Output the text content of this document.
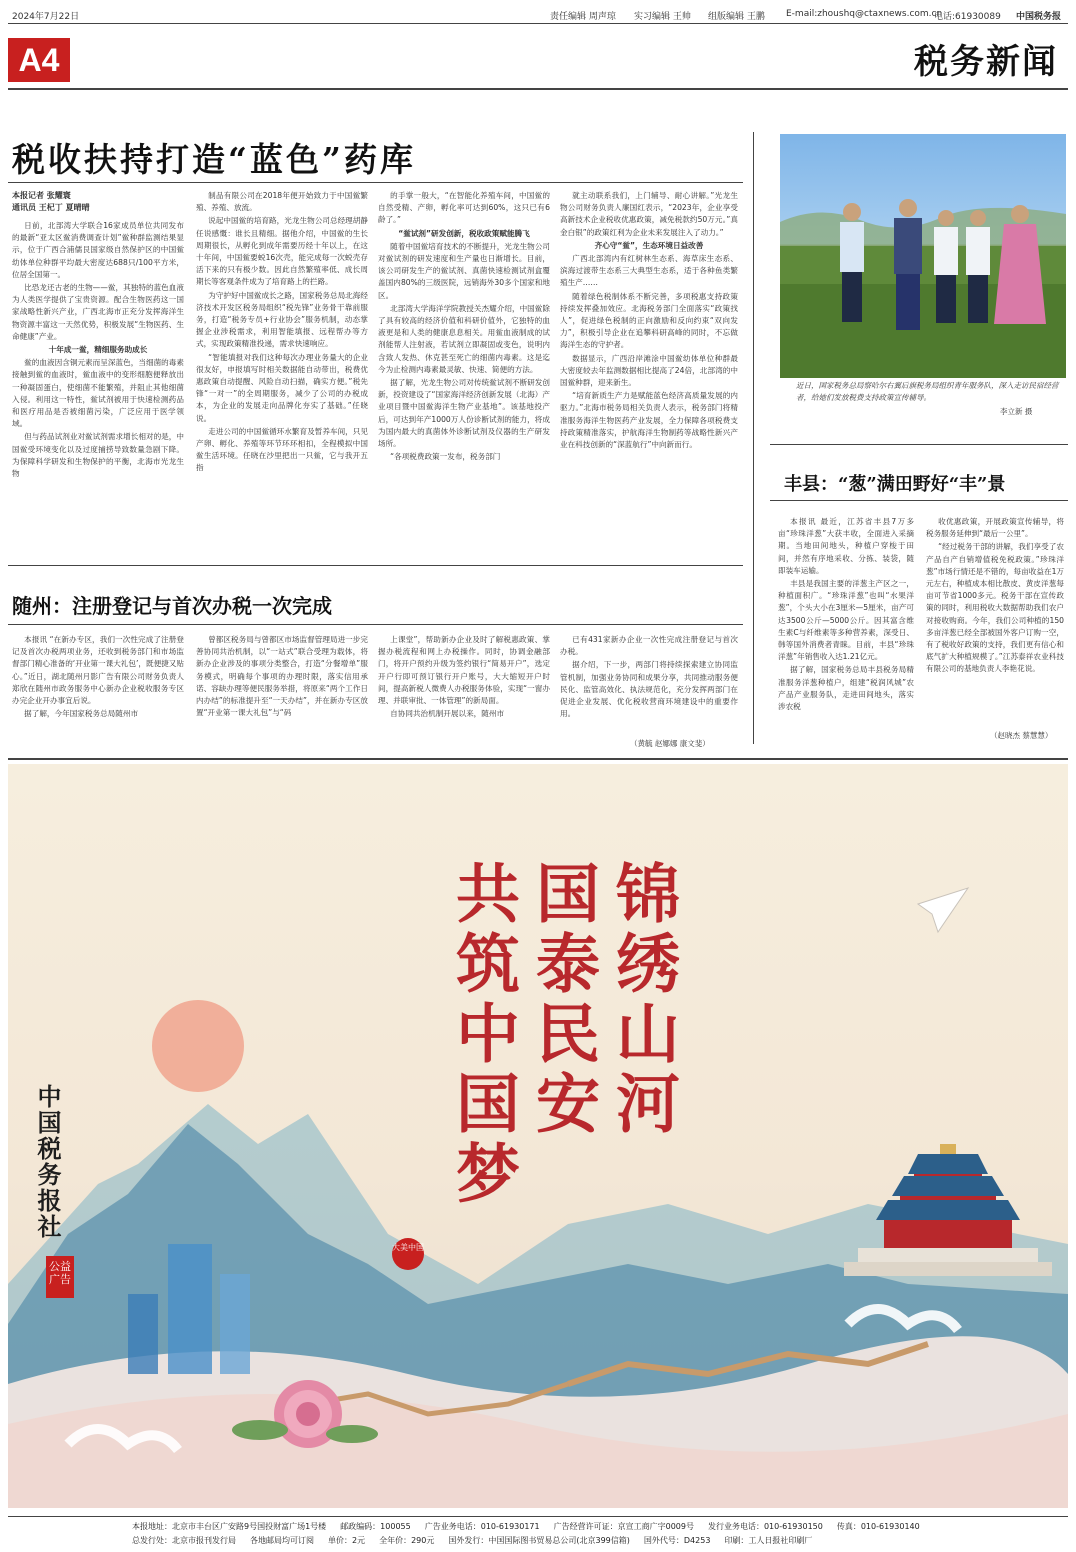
2024年7月22日	责任编辑 周声琼 实习编辑 王帅 组版编辑 王鹏 E-mail:zhoushq@ctaxnews.com.cn
电话:61930089 中国税务报
A4	税务新闻
税收扶持打造“蓝色”药库
本报记者 张耀寰
通讯员 王杞丁 夏晴晴

日前，北部湾大学联合16家成员单位共同发布的最新“亚太区鲎消费调查计划”鲎种群监测结果显示，位于广西合浦儒艮国家级自然保护区的中国鲎幼体单位种群平均最大密度达688只/100平方米，位居全国第一。

比恐龙还古老的生物——鲎，其独特的蓝色血液为人类医学提供了宝贵资源。配合生物医药这一国家战略性新兴产业，广西北海市正充分发挥海洋生物资源丰富这一天然优势，积极发展“生物医药、生命健康”产业。

十年成一鲎，精细服务助成长

鲎的血液因含铜元素而呈深蓝色，当细菌的毒素接触到鲎的血液时，鲎血液中的变形细胞便释放出一种凝固蛋白，使细菌不能繁殖，并阻止其他细菌入侵。利用这一特性，鲎试剂被用于快速检测药品和医疗用品是否被细菌污染，广泛应用于医学领域。

但与药品试剂业对鲎试剂需求增长相对的是，中国鲎受环境变化以及过度捕捞导致数量急剧下降。为保障科学研发和生物保护的平衡，北海市光龙生物

制品有限公司在2018年便开始致力于中国鲎繁殖、养殖、放流。

说起中国鲎的培育路，光龙生物公司总经理胡静任说感慨：谁长且精细。据他介绍，中国鲎的生长周期很长，从孵化到成年需要历经十年以上，在这十年间，中国鲎要蜕16次壳，能完成每一次蜕壳存活下来的只有极少数。因此自然繁殖率低、成长周期长等客观条件成为了培育路上的拦路。

为守护好中国鲎成长之路，国家税务总局北海经济技术开发区税务局组织“税先锋”业务骨干靠前服务，打造“税务专员+行业协会”服务机制，动态掌握企业涉税需求，利用智能填报、远程帮办等方式，实现政策精准投递，需求快速响应。

“智能填报对我们这种每次办理业务量大的企业很友好，申报填写时相关数据能自动带出，税费优惠政策自动提醒、风险自动扫描，确实方便。”税先锋“一对一”的全周期服务，减少了公司的办税成本，为企业的发展走向品牌化夯实了基础。”任晓说。

走进公司的中国鲎循环水繁育及暂养车间，只见产卵、孵化、养殖等环节环环相扣，全程模拟中国鲎生活环境。任晓在沙里把出一只鲎，它与我开五指

的手掌一般大，“在智能化养殖车间，中国鲎的自然受精、产卵，孵化率可达到60%，这只已有6龄了。”

“鲎试剂”研发创新，税收政策赋能腾飞

随着中国鲎培育技术的不断提升，光龙生物公司对鲎试剂的研发速度和生产量也日渐增长。目前，该公司研发生产的鲎试剂、真菌快速检测试剂盒覆盖国内80%的三级医院，远销海外30多个国家和地区。

北部湾大学海洋学院教授关杰耀介绍，中国鲎除了具有较高的经济价值和科研价值外，它独特的血液更是和人类的健康息息相关。用鲎血液制成的试剂能帮人注射液，若试剂立即凝固或变色，说明内含致人发热、休克甚至死亡的细菌内毒素。这是迄今为止检测内毒素最灵敏、快速、简便的方法。

据了解，光龙生物公司对传统鲎试剂不断研发创新，投资建设了“国家海洋经济创新发展（北海）产业项目暨中国鲎海洋生物产业基地”。该基地投产后，可达到年产1000万人份诊断试剂的能力，将成为国内最大的真菌体外诊断试剂及仪器的生产研发场所。

“各项税费政策一发布，税务部门

就主动联系我们，上门辅导、耐心讲解。”光龙生物公司财务负责人廉国红表示，“2023年，企业享受高新技术企业税收优惠政策，减免税款约50万元。”真金白银”的政策红利为企业未来发展注入了动力。”

齐心守“鲎”，生态环境日益改善

广西北部湾内有红树林生态系、海草床生态系、滨海过渡带生态系三大典型生态系，适于各种鱼类繁殖生产……

随着绿色税制体系不断完善，多项税惠支持政策持续发挥叠加效应。北海税务部门全面落实“政策找人”，促进绿色税制的正向激励和反向约束“双向发力”，积极引导企业在追攀科研高峰的同时，不忘做海洋生态的守护者。

数据显示，广西沿岸滩涂中国鲎幼体单位种群最大密度较去年监测数据相比提高了24倍，北部湾的中国鲎种群，迎来新生。

“培育新质生产力是赋能蓝色经济高质量发展的内驱力。”北海市税务局相关负责人表示，税务部门将精准服务海洋生物医药产业发展，全力保障各项税费支持政策精准落实，护航海洋生物制药等战略性新兴产业在科技创新的“深蓝航行”中向新而行。

近日，国家税务总局察哈尔右翼后旗税务局组织青年服务队，深入走访民宿经营者，给她们发放税费支持政策宣传辅导。
李立新 摄
丰县：“葱”满田野好“丰”景

本报讯 最近，江苏省丰县7万多亩“珍珠洋葱”大获丰收，全面进入采摘期。当地田间地头，种植户穿梭于田间，并然有序地采收、分拣、装袋，随即装车运输。

丰县是我国主要的洋葱主产区之一，种植面积广。“珍珠洋葱”也叫“水果洋葱”，个头大小在3厘米—5厘米，亩产可达3500公斤—5000公斤。因其富含维生素C与纤维素等多种营养素，深受日、韩等国外消费者青睐。目前，丰县“珍珠洋葱”年销售收入达1.21亿元。

据了解，国家税务总局丰县税务局精准服务洋葱种植户，组建“税润风城”农产品产业服务队，走进田间地头，落实涉农税

收优惠政策，开展政策宣传辅导，将税务服务延伸到“最后一公里”。

“经过税务干部的讲解，我们享受了农产品自产自销增值税免税政策。”珍珠洋葱”市场行情还是不错的，每亩收益在1万元左右，种植成本相比散皮、黄皮洋葱每亩可节省1000多元。税务干部在宣传政策的同时，利用税收大数据帮助我们农户对接收购商。今年，我们公司种植的150多亩洋葱已经全部被国外客户订购一空，有了税收好政策的支持，我们更有信心和底气扩大种植规模了。”江苏泰祥农业科技有限公司的基地负责人李艳花说。

（赵晓杰 蔡慧慧）
随州：注册登记与首次办税一次完成

本报讯 “在新办专区，我们一次性完成了注册登记及首次办税两项业务，还收到税务部门和市场监督部门精心准备的‘开业第一课大礼包’，既便捷又贴心。”近日，湖北随州月影广告有限公司财务负责人郑欣在随州市政务服务中心新办企业税收服务专区办完企业开办事宜后说。

据了解，今年国家税务总局随州市

曾都区税务局与曾都区市场监督管理局进一步完善协同共治机制，以“一站式”联合受理为载体，将新办企业涉及的事项分类整合，打造“分餐增单”服务模式，明确每个事项的办理时限，落实信用承诺、容缺办理等便民服务举措，将原来“两个工作日内办结”的标准提升至“一天办结”，并在新办专区放置“开业第一课大礼包”与“码

上课堂”，帮助新办企业及时了解税惠政策、掌握办税流程和网上办税操作。同时，协调金融部门，将开户预约升级为签约银行“简易开户”，选定开户行即可预订银行开户账号，大大缩短开户时间，提高新税人微费人办税服务体验，实现“一窗办理、并联审批、一体管理”的新局面。

自协同共治机制开展以来，随州市

已有431家新办企业一次性完成注册登记与首次办税。

据介绍，下一步，两部门将持续探索建立协同监管机制，加强业务协同和成果分享，共同推动服务便民化、监管高效化、执法规范化，充分发挥两部门在促进企业发展、优化税收营商环境建设中的重要作用。

（黄毓 赵娜娜 康文斐）
锦绣山河
国泰民安
共筑中国梦
大美中国
中国税务报社
公益广告
本报地址：北京市丰台区广安路9号国投财富广场1号楼 邮政编码：100055 广告业务电话：010-61930171 广告经营许可证：京宣工商广字0009号 发行业务电话：010-61930150 传真：010-61930140
总发行处：北京市报刊发行局 各地邮局均可订阅 单价：2元 全年价：290元 国外发行：中国国际图书贸易总公司(北京399信箱) 国外代号：D4253 印刷：工人日报社印刷厂
